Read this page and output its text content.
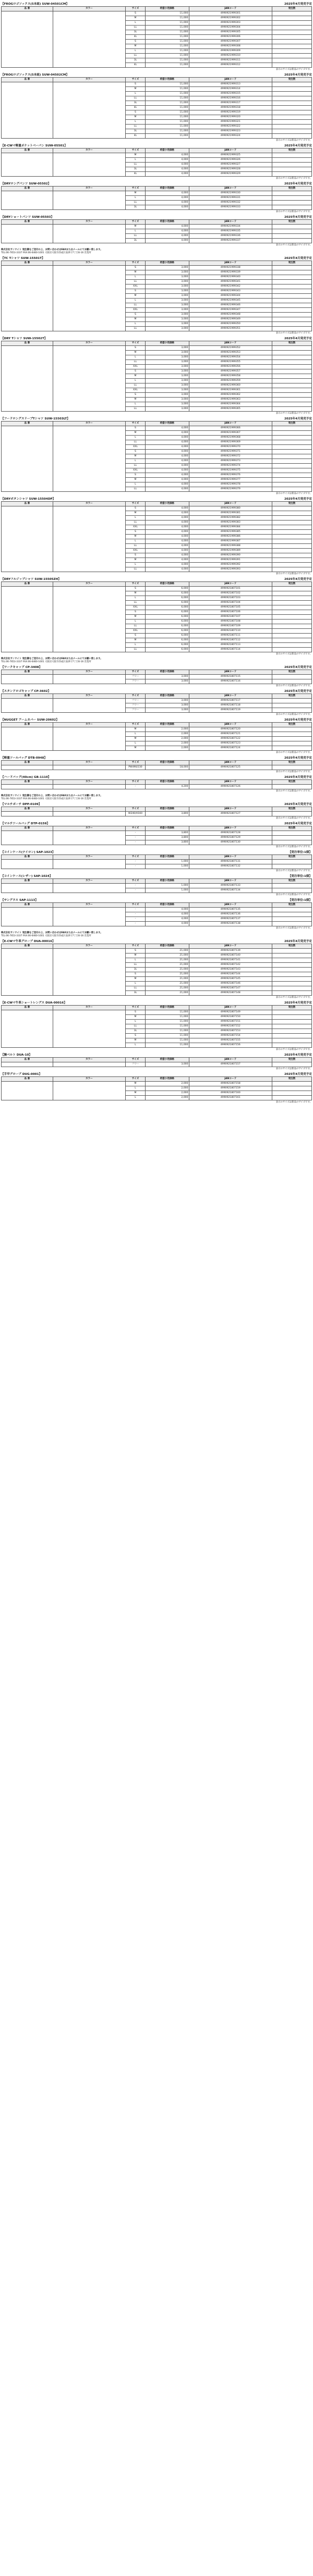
【FROGロゴソックス(5本組) SUW-04501CM】	2025年4月発売予定
品 番	カラー	サイズ	希望小売価格	JANコード	発注数
		S	11,000	4990921999301	
		M	11,000	4990921999302	
		L	11,000	4990921999303	
		LL	11,000	4990921999304	
		3L	11,000	4990921999305	
		4L	11,000	4990921999306	
		S	11,000	4990921999307	
		M	11,000	4990921999308	
		L	11,000	4990921999309	
		LL	11,000	4990921999310	
		3L	11,000	4990921999311	
		4L	11,000	4990921999312	
表示のサイズは新品のサイズです。
【FROGロゴソックス(5本組) SUW-04502CM】	2025年4月発売予定
品 番	カラー	サイズ	希望小売価格	JANコード	発注数
		S	11,000	4990921999313	
		M	11,000	4990921999314	
		L	11,000	4990921999315	
		LL	11,000	4990921999316	
		3L	11,000	4990921999317	
		4L	11,000	4990921999318	
		S	11,000	4990921999319	
		M	11,000	4990921999320	
		L	11,000	4990921999321	
		LL	11,000	4990921999322	
		3L	11,000	4990921999323	
		4L	11,000	4990921999324	
表示のサイズは新品のサイズです。
【E-CWマ軽量ポケットベーパン SUW-05501】	2025年4月発売予定
品 番	カラー	サイズ	希望小売価格	JANコード	発注数
		M	4,000	4990921999325	
		L	4,000	4990921999326	
		LL	4,000	4990921999327	
		3L	4,000	4990921999328	
		4L	4,000	4990921999329	
表示のサイズは新品のサイズです。
【DRYロングパンツ SUW-05502】	2025年4月発売予定
品 番	カラー	サイズ	希望小売価格	JANコード	発注数
		M	4,000	4990921999330	
		L	4,000	4990921999331	
		LL	4,000	4990921999332	
		3L	4,000	4990921999333	
表示のサイズは新品のサイズです。
【DRYショートパンツ SUW-05503】	2025年4月発売予定
品 番	カラー	サイズ	希望小売価格	JANコード	発注数
		M	4,000	4990921999334	
		L	4,000	4990921999335	
		LL	4,000	4990921999336	
		3L	4,000	4990921999337	
表示のサイズは新品のサイズです。
株式会社サンワイト 発注書をご送付の上、お問い合わせはFAXまたはメールにてお願い致します。
TEL:06-7653-3337 FAX:06-6460-1001 大阪府大阪市西成区南津守7丁目6-16 営業所
【TC Tシャツ SUW-15501T】	2025年4月発売予定
品 番	カラー	サイズ	希望小売価格	JANコード	発注数
		S	3,000	4990921999338	
		M	3,000	4990921999339	
		L	3,000	4990921999340	
		LL	3,000	4990921999341	
		XXL	3,000	4990921999342	
		S	3,000	4990921999343	
		M	3,000	4990921999344	
		L	3,000	4990921999345	
		LL	3,000	4990921999346	
		XXL	3,000	4990921999347	
		S	3,000	4990921999348	
		M	3,000	4990921999349	
		L	3,000	4990921999350	
		LL	3,000	4990921999351	
表示のサイズは新品のサイズです。
【DRY Tシャツ SUW-15502T】	2025年4月発売予定
品 番	カラー	サイズ	希望小売価格	JANコード	発注数
		S	3,000	4990921999352	
		M	3,000	4990921999353	
		L	3,000	4990921999354	
		LL	3,000	4990921999355	
		XXL	3,000	4990921999356	
		S	3,000	4990921999357	
		M	3,000	4990921999358	
		L	3,000	4990921999359	
		LL	3,000	4990921999360	
		XXL	3,000	4990921999361	
		S	3,000	4990921999362	
		M	3,000	4990921999363	
		L	3,000	4990921999364	
		LL	3,000	4990921999365	
表示のサイズは新品のサイズです。
【フードロングスリーブTシャツ SUW-15503LT】	2025年4月発売予定
品 番	カラー	サイズ	希望小売価格	JANコード	発注数
		S	4,000	4990921999366	
		M	4,000	4990921999367	
		L	4,000	4990921999368	
		LL	4,000	4990921999369	
		XXL	4,000	4990921999370	
		S	4,000	4990921999371	
		M	4,000	4990921999372	
		L	4,000	4990921999373	
		LL	4,000	4990921999374	
		XXL	4,000	4990921999375	
		S	4,000	4990921999376	
		M	4,000	4990921999377	
		L	4,000	4990921999378	
		LL	4,000	4990921999379	
表示のサイズは新品のサイズです。
【DRYボタンシャツ SUW-15504DP】	2025年4月発売予定
品 番	カラー	サイズ	希望小売価格	JANコード	発注数
		S	4,000	4990921999380	
		M	4,000	4990921999381	
		L	4,000	4990921999382	
		LL	4,000	4990921999383	
		XXL	4,000	4990921999384	
		S	4,000	4990921999385	
		M	4,000	4990921999386	
		L	4,000	4990921999387	
		LL	4,000	4990921999388	
		XXL	4,000	4990921999389	
		S	4,000	4990921999390	
		M	4,000	4990921999391	
		L	4,000	4990921999392	
		LL	4,000	4990921999393	
表示のサイズは新品のサイズです。
【DRYフルジップシャツ SUW-15505ZH】	2025年4月発売予定
品 番	カラー	サイズ	希望小売価格	JANコード	発注数
		S	6,000	4990921807101	
		M	6,000	4990921807102	
		L	6,000	4990921807103	
		LL	6,000	4990921807104	
		XXL	6,000	4990921807105	
		S	6,000	4990921807106	
		M	6,000	4990921807107	
		L	6,000	4990921807108	
		LL	6,000	4990921807109	
		XXL	6,000	4990921807110	
		S	6,000	4990921807111	
		M	6,000	4990921807112	
		L	6,000	4990921807113	
		LL	6,000	4990921807114	
表示のサイズは新品のサイズです。
株式会社サンワイト 発注書をご送付の上、お問い合わせはFAXまたはメールにてお願い致します。
TEL:06-7653-3337 FAX:06-6460-1001 大阪府大阪市西成区南津守7丁目6-16 営業所
【ワークキャップ CP-3408】	2025年4月発売予定
品 番	カラー	サイズ	希望小売価格	JANコード	発注数
		フリー	3,000	4990921807115	
		フリー	3,000	4990921807116	
表示のサイズは新品のサイズです。
【スタンドロゴキャップ CP-3602】	2025年4月発売予定
品 番	カラー	サイズ	希望小売価格	JANコード	発注数
		フリー	3,000	4990921807117	
		フリー	3,000	4990921807118	
		フリー	3,000	4990921807119	
表示のサイズは新品のサイズです。
【NUGGET アームカバー SUW-20602】	2025年4月発売予定
品 番	カラー	サイズ	希望小売価格	JANコード	発注数
		M	2,000	4990921807120	
		L	2,000	4990921807121	
		M	2,000	4990921807122	
		L	2,000	4990921807123	
		M	2,000	4990921807124	
表示のサイズは新品のサイズです。
【軽量ツールバッグ DTB-0948】	2025年4月発売予定
品 番	カラー	サイズ	希望小売価格	JANコード	発注数
		PW490/230	18,000	4990921807125	
表示のサイズは新品のサイズです。
【ハードバッグ(40cm) GB-1110】	2025年4月発売予定
品 番	カラー	サイズ	希望小売価格	JANコード	発注数
		-	4,200	4990921807126	
表示のサイズは新品のサイズです。
株式会社サンワイト 発注書をご送付の上、お問い合わせはFAXまたはメールにてお願い致します。
TEL:06-7653-3337 FAX:06-6460-1001 大阪府大阪市西成区南津守7丁目6-16 営業所
【マルチポーチ DPP-0109】	2025年4月発売予定
品 番	カラー	サイズ	希望小売価格	JANコード	発注数
		W240/H160	3,800	4990921807127	
表示のサイズは新品のサイズです。
【マルチツールバッグ DTP-0159】	2025年4月発売予定
品 番	カラー	サイズ	希望小売価格	JANコード	発注数
		-	3,800	4990921807128	
		-	3,800	4990921807129	
		-	3,800	4990921807130	
表示のサイズは新品のサイズです。
【コインケース(ナイロン) SAP-1023】	【発注単位:1個】
品 番	カラー	サイズ	希望小売価格	JANコード	発注数
		-	1,000	4990921807131	
		-	1,000	4990921807132	
表示のサイズは新品のサイズです。
【コインケース(レザー) SAP-1024】	【発注単位:1個】
品 番	カラー	サイズ	希望小売価格	JANコード	発注数
		-	1,000	4990921807133	
		-	1,000	4990921807134	
表示のサイズは新品のサイズです。
【サングラス SAP-1113】	【発注単位:1個】
品 番	カラー	サイズ	希望小売価格	JANコード	発注数
		-	4,000	4990921807135	
		-	4,000	4990921807136	
		-	4,000	4990921807137	
		-	4,000	4990921807138	
表示のサイズは新品のサイズです。
株式会社サンワイト 発注書をご送付の上、お問い合わせはFAXまたはメールにてお願い致します。
TEL:06-7653-3337 FAX:06-6460-1001 大阪府大阪市西成区南津守7丁目6-16 営業所
【E-CWマ牛革グローブ DUA-00016】	2025年4月発売予定
品 番	カラー	サイズ	希望小売価格	JANコード	発注数
		S	21,000	4990921807139	
		M	21,000	4990921807140	
		L	21,000	4990921807141	
		LL	21,000	4990921807142	
		3L	21,000	4990921807143	
		S	21,000	4990921807144	
		M	21,000	4990921807145	
		L	21,000	4990921807146	
		LL	21,000	4990921807147	
		3L	21,000	4990921807148	
表示のサイズは新品のサイズです。
【E-CWマ牛革ショートレングス DUA-00016】	2025年4月発売予定
品 番	カラー	サイズ	希望小売価格	JANコード	発注数
		S	11,000	4990921807149	
		M	11,000	4990921807150	
		L	11,000	4990921807151	
		LL	11,000	4990921807152	
		3L	11,000	4990921807153	
		S	11,000	4990921807154	
		M	11,000	4990921807155	
		L	11,000	4990921807156	
表示のサイズは新品のサイズです。
【腕ベルト DUA-10】	2025年4月発売予定
品 番	カラー	サイズ	希望小売価格	JANコード	発注数
		フリー	3,000	4990921807157	
表示のサイズは新品のサイズです。
【手甲グローブ DUG-0001】	2025年4月発売予定
品 番	カラー	サイズ	希望小売価格	JANコード	発注数
		M	2,000	4990921807158	
		L	2,000	4990921807159	
		M	2,000	4990921807160	
		L	2,000	4990921807161	
表示のサイズは新品のサイズです。
